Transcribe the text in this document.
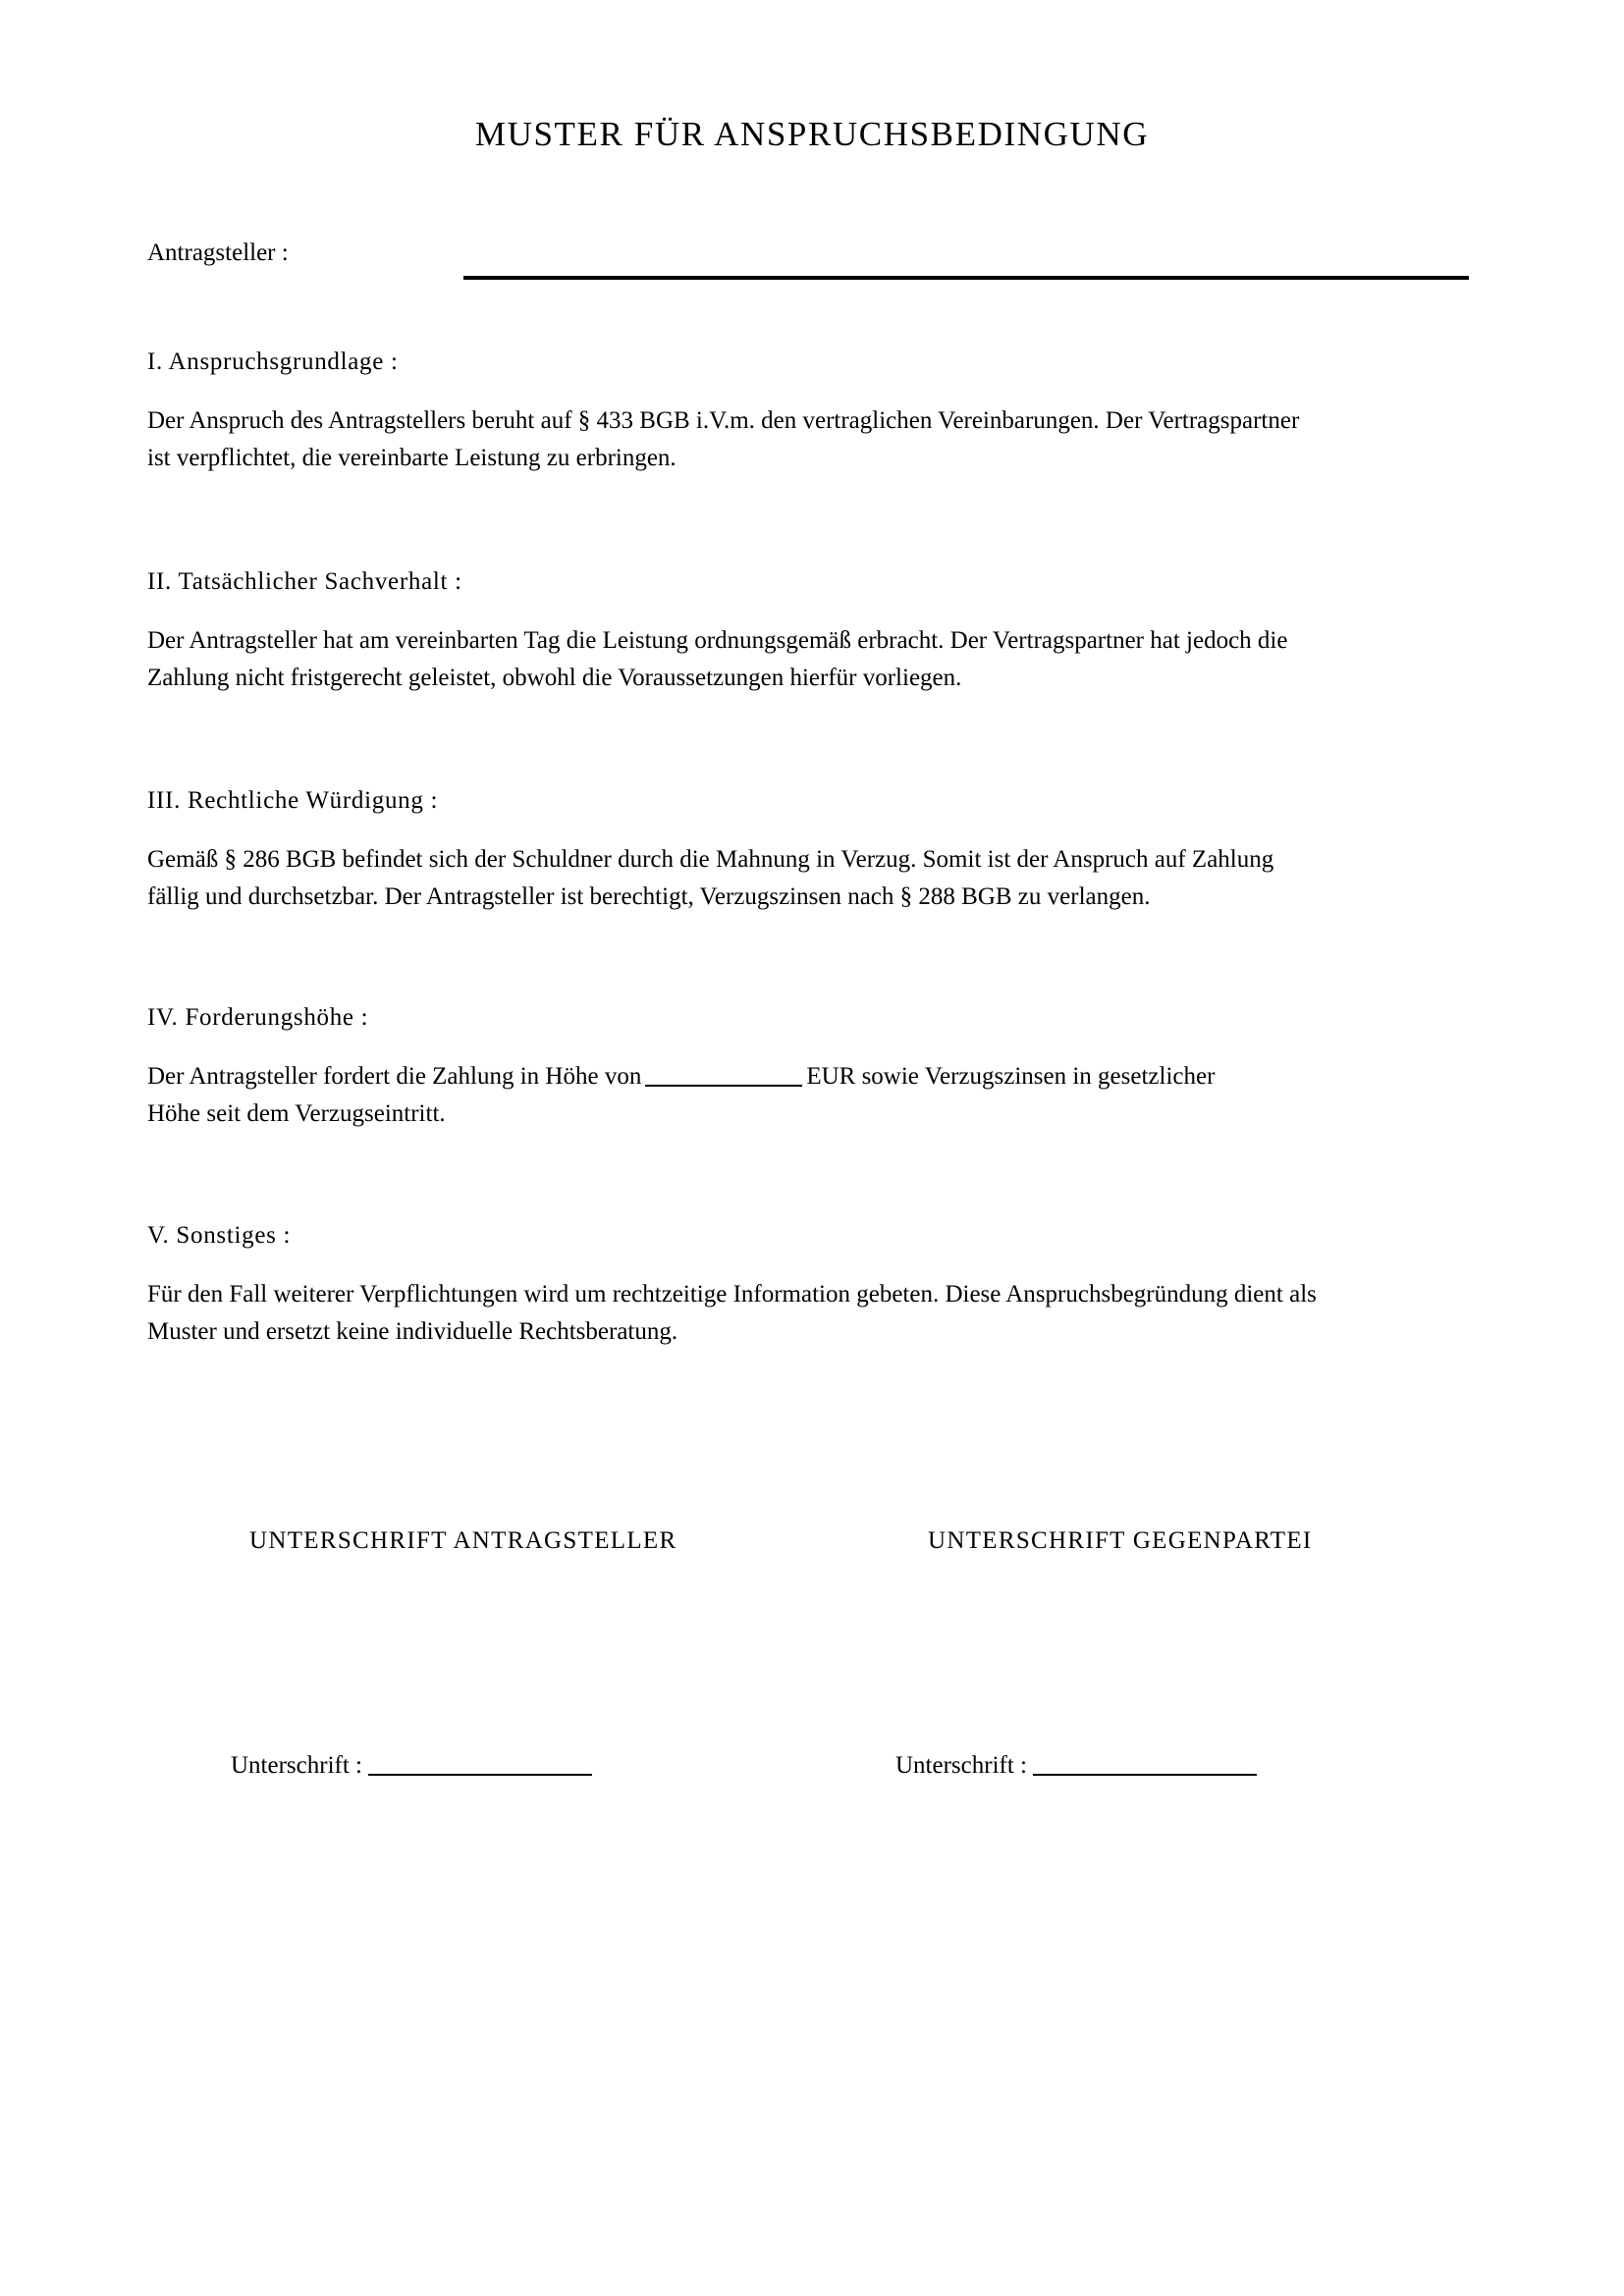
MUSTER FÜR ANSPRUCHSBEDINGUNG
Antragsteller :
I. Anspruchsgrundlage :
Der Anspruch des Antragstellers beruht auf § 433 BGB i.V.m. den vertraglichen Vereinbarungen. Der Vertragspartner
ist verpflichtet, die vereinbarte Leistung zu erbringen.
II. Tatsächlicher Sachverhalt :
Der Antragsteller hat am vereinbarten Tag die Leistung ordnungsgemäß erbracht. Der Vertragspartner hat jedoch die
Zahlung nicht fristgerecht geleistet, obwohl die Voraussetzungen hierfür vorliegen.
III. Rechtliche Würdigung :
Gemäß § 286 BGB befindet sich der Schuldner durch die Mahnung in Verzug. Somit ist der Anspruch auf Zahlung
fällig und durchsetzbar. Der Antragsteller ist berechtigt, Verzugszinsen nach § 288 BGB zu verlangen.
IV. Forderungshöhe :
Der Antragsteller fordert die Zahlung in Höhe von	EUR sowie Verzugszinsen in gesetzlicher
Höhe seit dem Verzugseintritt.
V. Sonstiges :
Für den Fall weiterer Verpflichtungen wird um rechtzeitige Information gebeten. Diese Anspruchsbegründung dient als
Muster und ersetzt keine individuelle Rechtsberatung.
UNTERSCHRIFT ANTRAGSTELLER	UNTERSCHRIFT GEGENPARTEI
Unterschrift :	Unterschrift :
